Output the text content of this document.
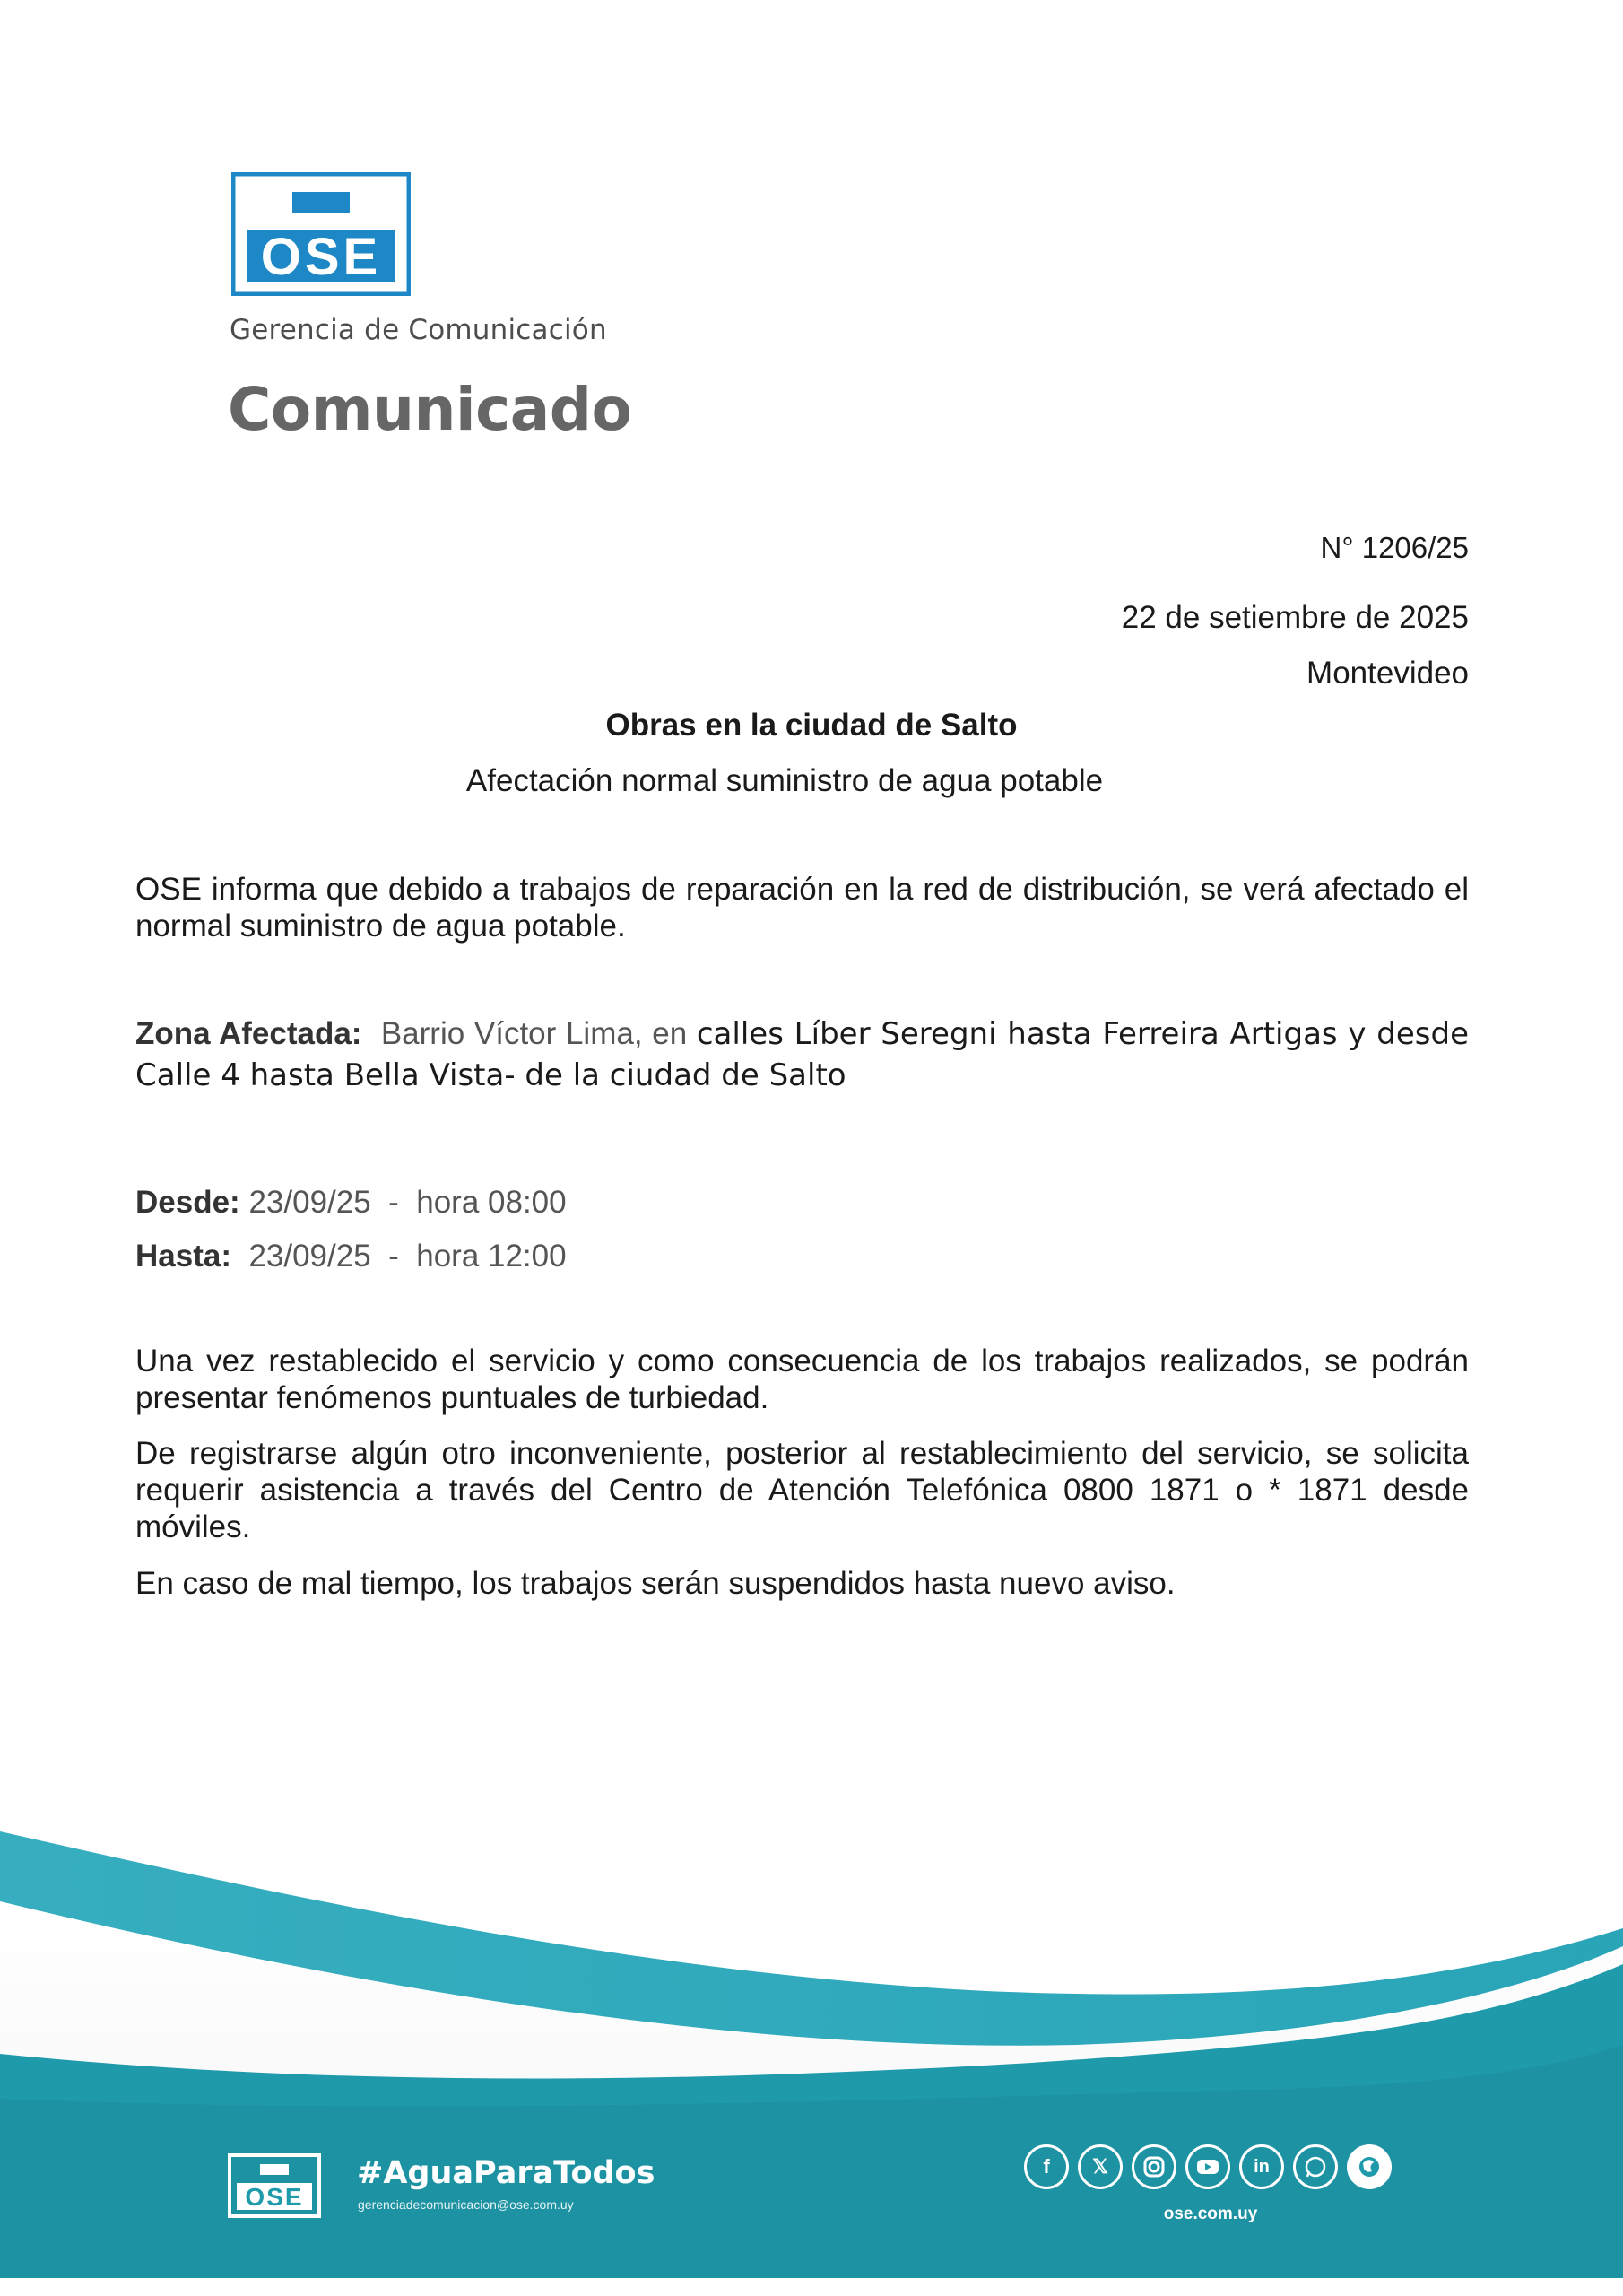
OSE
Gerencia de Comunicación
Comunicado
N° 1206/25
22 de setiembre de 2025
Montevideo
Obras en la ciudad de Salto
Afectación normal suministro de agua potable
OSE informa que debido a trabajos de reparación en la red de distribución, se verá afectado el normal suministro de agua potable.
Zona Afectada: Barrio Víctor Lima, en calles Líber Seregni hasta Ferreira Artigas y desde Calle 4 hasta Bella Vista- de la ciudad de Salto
Desde: 23/09/25  -  hora 08:00
Hasta: 23/09/25  -  hora 12:00
Una vez restablecido el servicio y como consecuencia de los trabajos realizados, se podrán presentar fenómenos puntuales de turbiedad.
De registrarse algún otro inconveniente, posterior al restablecimiento del servicio, se solicita requerir asistencia a través del Centro de Atención Telefónica 0800 1871 o * 1871 desde móviles.
En caso de mal tiempo, los trabajos serán suspendidos hasta nuevo aviso.
OSE
#AguaParaTodos
gerenciadecomunicacion@ose.com.uy
f	𝕏	in
ose.com.uy
